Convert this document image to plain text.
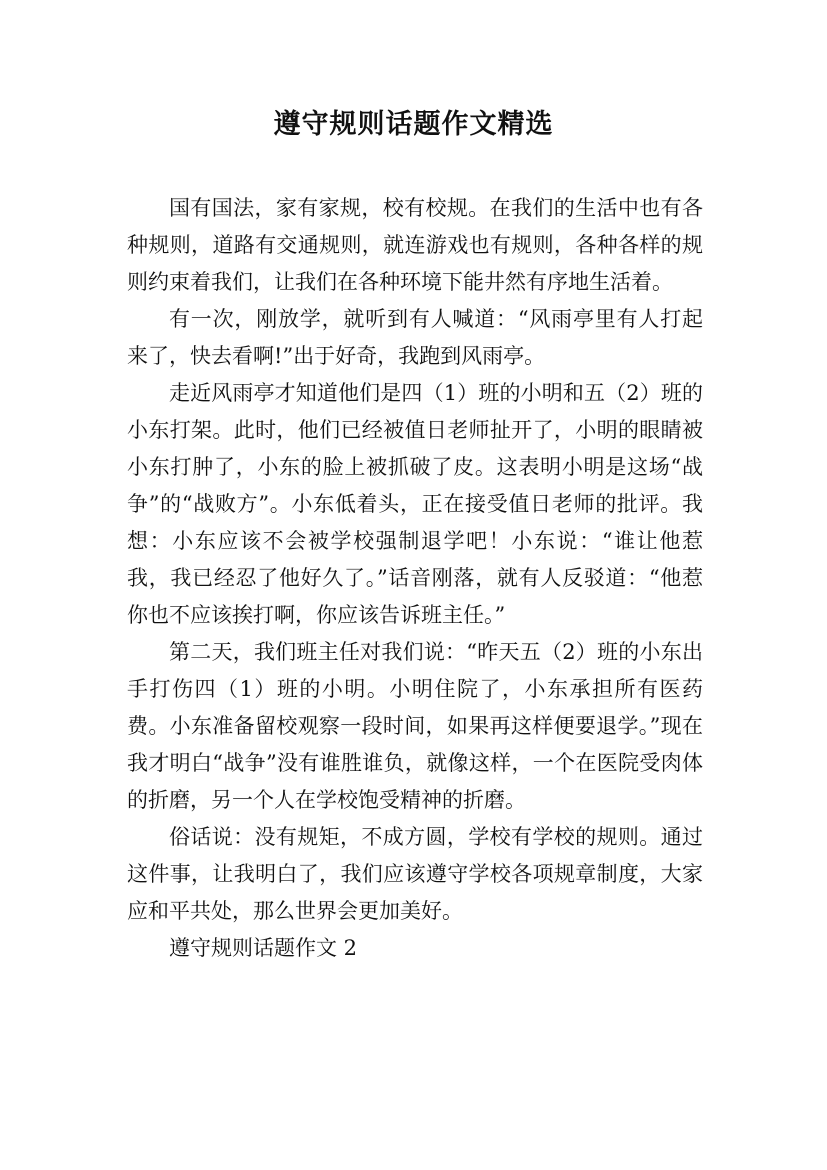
遵守规则话题作文精选

国有国法，家有家规，校有校规。在我们的生活中也有各种规则，道路有交通规则，就连游戏也有规则，各种各样的规则约束着我们，让我们在各种环境下能井然有序地生活着。

有一次，刚放学，就听到有人喊道：“风雨亭里有人打起来了，快去看啊!”出于好奇，我跑到风雨亭。

走近风雨亭才知道他们是四（1）班的小明和五（2）班的小东打架。此时，他们已经被值日老师扯开了，小明的眼睛被小东打肿了，小东的脸上被抓破了皮。这表明小明是这场“战争”的“战败方”。小东低着头，正在接受值日老师的批评。我想：小东应该不会被学校强制退学吧！小东说：“谁让他惹我，我已经忍了他好久了。”话音刚落，就有人反驳道：“他惹你也不应该挨打啊，你应该告诉班主任。”

第二天，我们班主任对我们说：“昨天五（2）班的小东出手打伤四（1）班的小明。小明住院了，小东承担所有医药费。小东准备留校观察一段时间，如果再这样便要退学。”现在我才明白“战争”没有谁胜谁负，就像这样，一个在医院受肉体的折磨，另一个人在学校饱受精神的折磨。

俗话说：没有规矩，不成方圆，学校有学校的规则。通过这件事，让我明白了，我们应该遵守学校各项规章制度，大家应和平共处，那么世界会更加美好。

遵守规则话题作文 2
